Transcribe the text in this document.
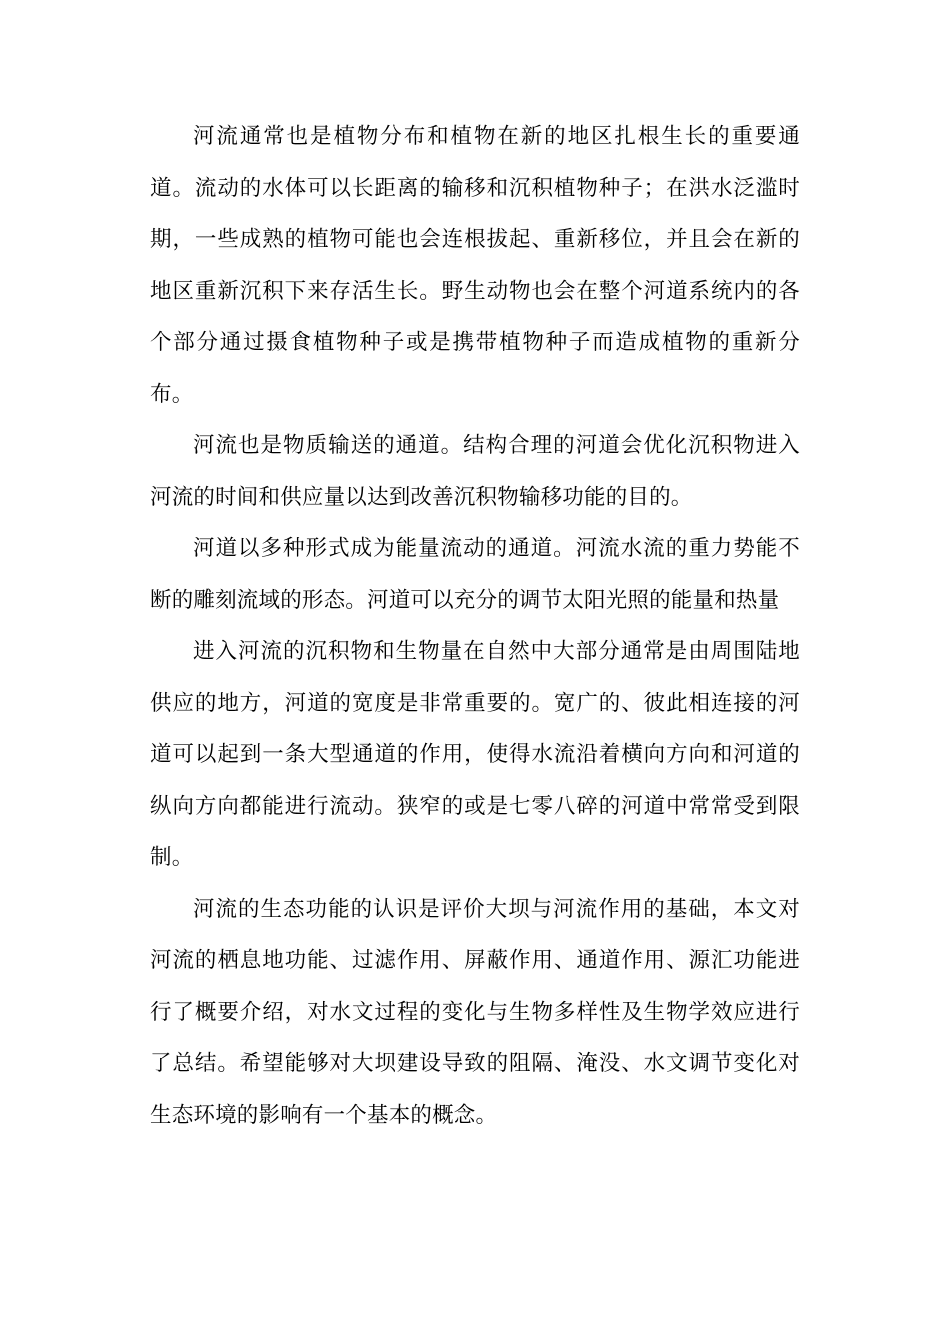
河流通常也是植物分布和植物在新的地区扎根生长的重要通道。流动的水体可以长距离的输移和沉积植物种子；在洪水泛滥时期，一些成熟的植物可能也会连根拔起、重新移位，并且会在新的地区重新沉积下来存活生长。野生动物也会在整个河道系统内的各个部分通过摄食植物种子或是携带植物种子而造成植物的重新分布。

河流也是物质输送的通道。结构合理的河道会优化沉积物进入河流的时间和供应量以达到改善沉积物输移功能的目的。

河道以多种形式成为能量流动的通道。河流水流的重力势能不断的雕刻流域的形态。河道可以充分的调节太阳光照的能量和热量

进入河流的沉积物和生物量在自然中大部分通常是由周围陆地供应的地方，河道的宽度是非常重要的。宽广的、彼此相连接的河道可以起到一条大型通道的作用，使得水流沿着横向方向和河道的纵向方向都能进行流动。狭窄的或是七零八碎的河道中常常受到限制。

河流的生态功能的认识是评价大坝与河流作用的基础，本文对河流的栖息地功能、过滤作用、屏蔽作用、通道作用、源汇功能进行了概要介绍，对水文过程的变化与生物多样性及生物学效应进行了总结。希望能够对大坝建设导致的阻隔、淹没、水文调节变化对生态环境的影响有一个基本的概念。
